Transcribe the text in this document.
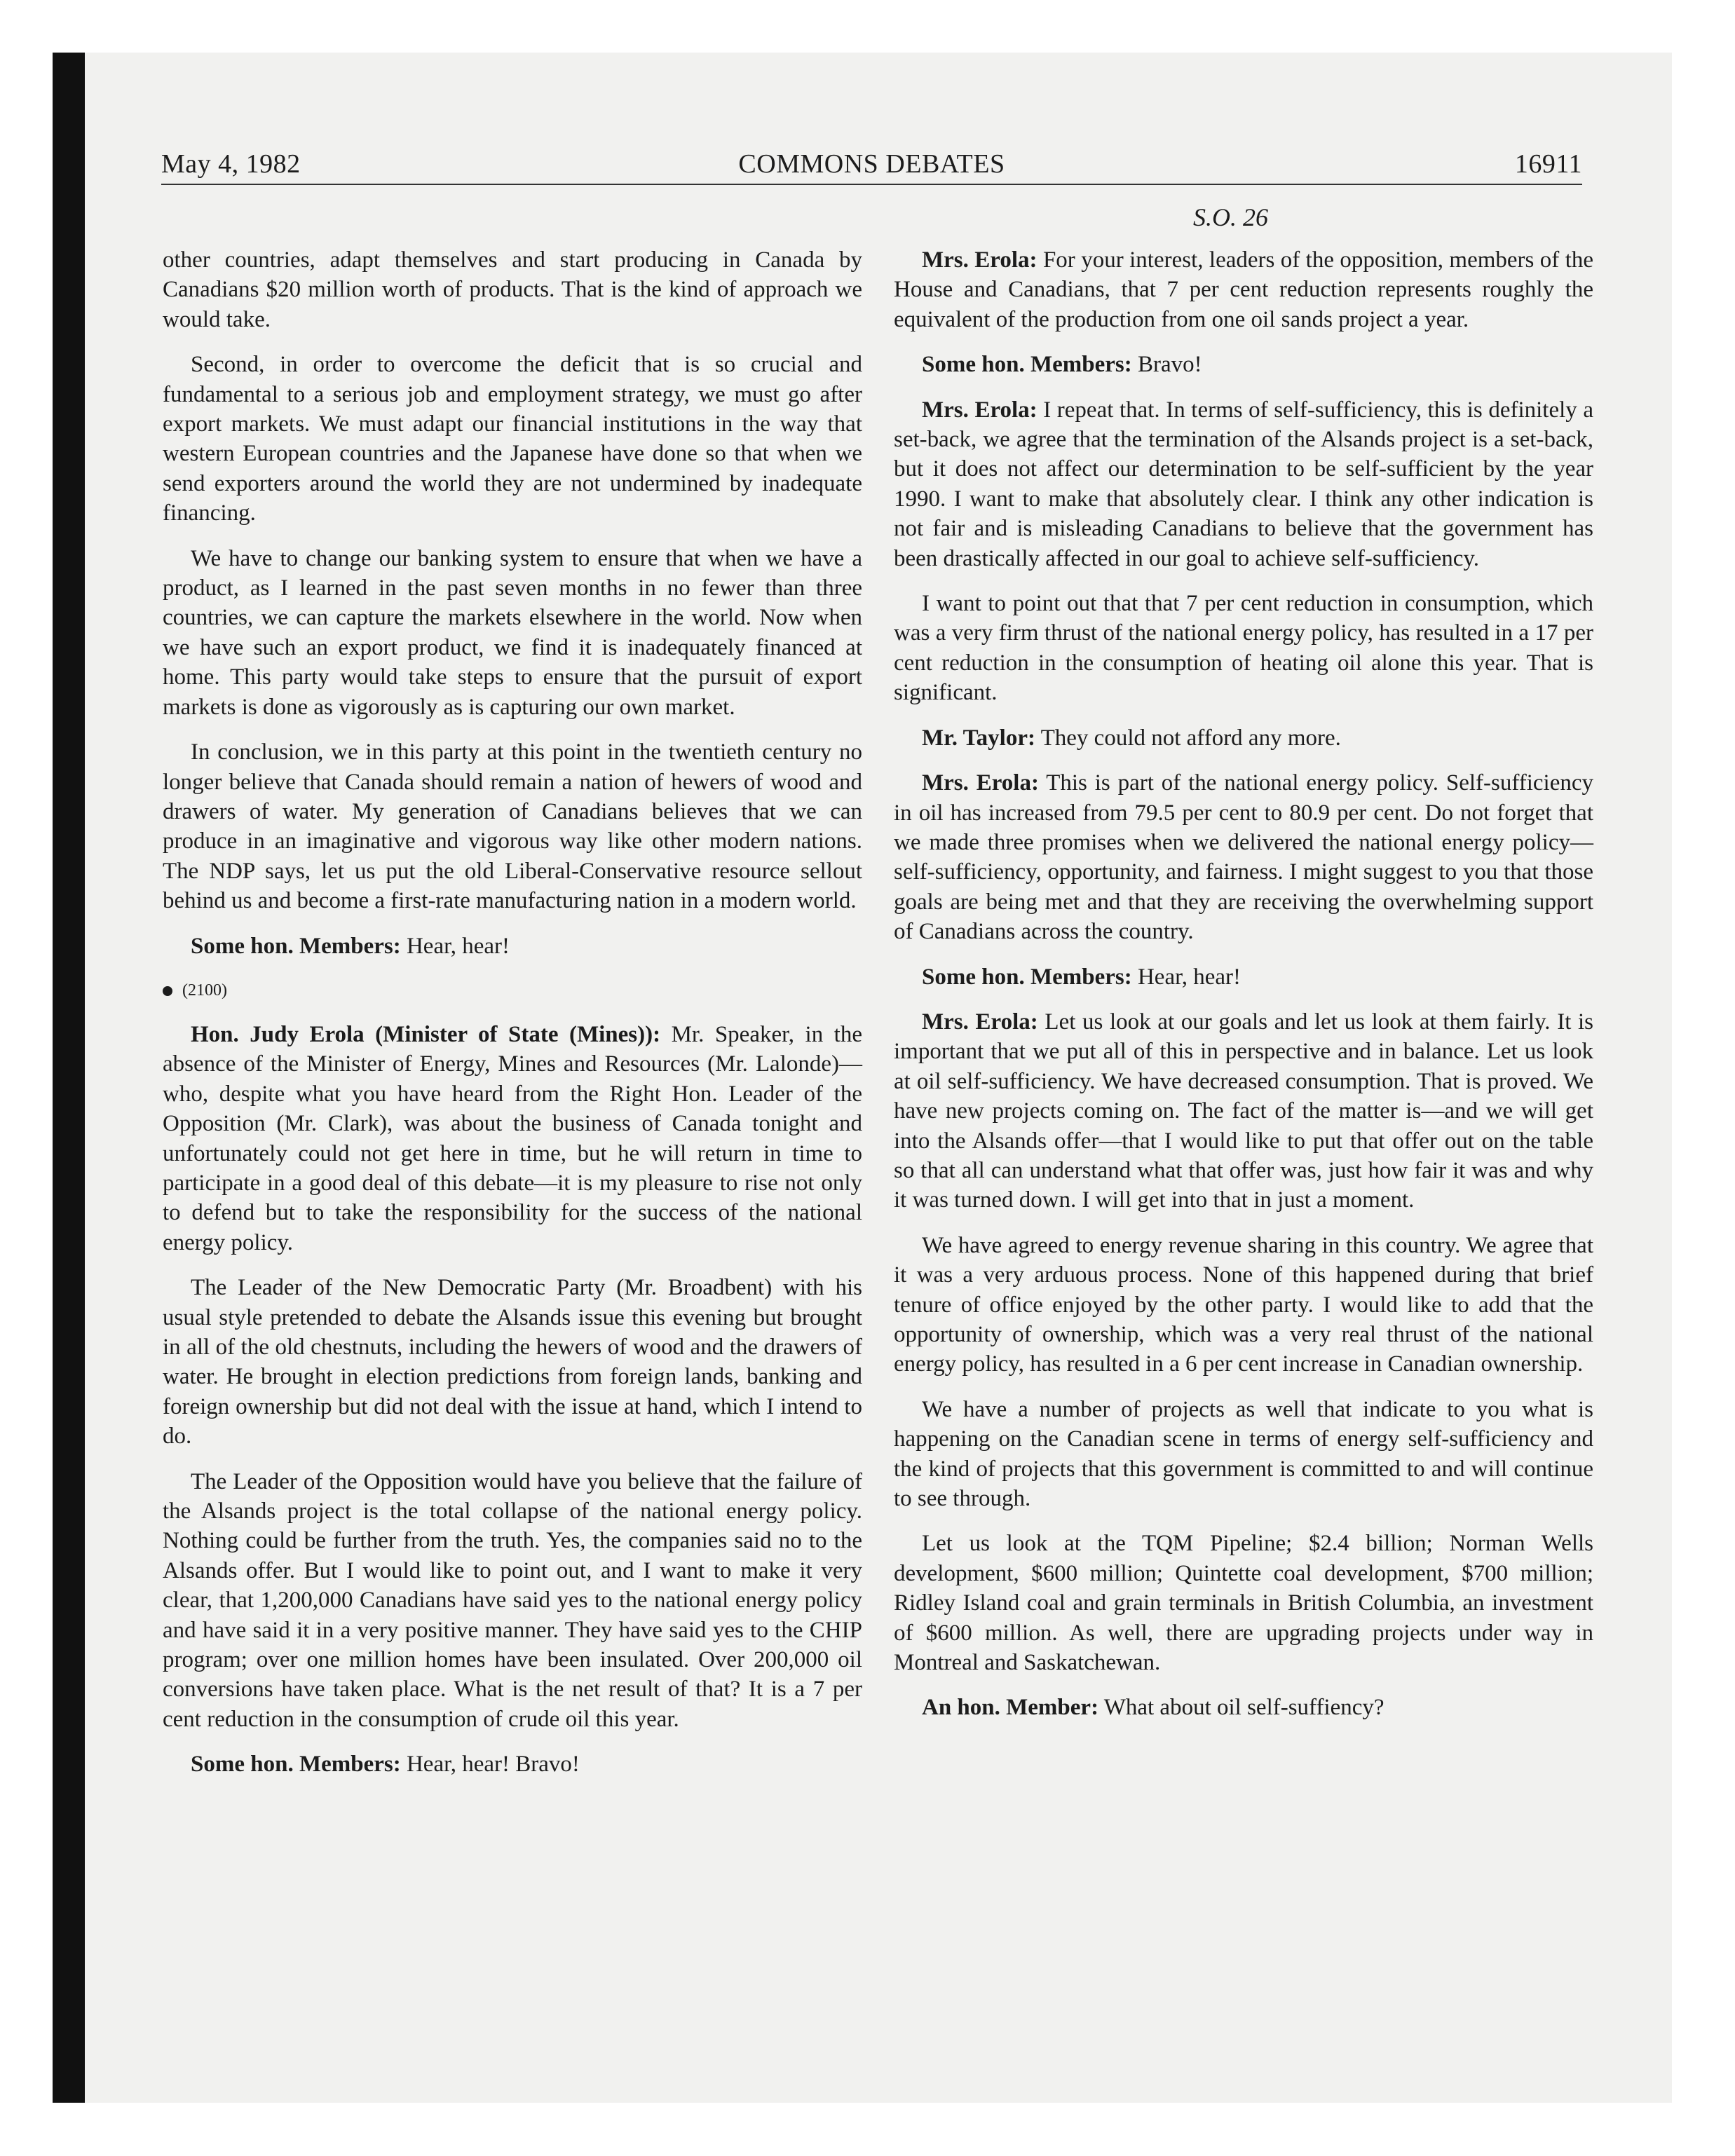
May 4, 1982	COMMONS DEBATES	16911
S.O. 26

other countries, adapt themselves and start producing in Canada by Canadians $20 million worth of products. That is the kind of approach we would take.

Second, in order to overcome the deficit that is so crucial and fundamental to a serious job and employment strategy, we must go after export markets. We must adapt our financial institutions in the way that western European countries and the Japanese have done so that when we send exporters around the world they are not undermined by inadequate financing.

We have to change our banking system to ensure that when we have a product, as I learned in the past seven months in no fewer than three countries, we can capture the markets elsewhere in the world. Now when we have such an export product, we find it is inadequately financed at home. This party would take steps to ensure that the pursuit of export markets is done as vigorously as is capturing our own market.

In conclusion, we in this party at this point in the twentieth century no longer believe that Canada should remain a nation of hewers of wood and drawers of water. My generation of Canadians believes that we can produce in an imaginative and vigorous way like other modern nations. The NDP says, let us put the old Liberal-Conservative resource sellout behind us and become a first-rate manufacturing nation in a modern world.

Some hon. Members: Hear, hear!

(2100)

Hon. Judy Erola (Minister of State (Mines)): Mr. Speaker, in the absence of the Minister of Energy, Mines and Resources (Mr. Lalonde)—who, despite what you have heard from the Right Hon. Leader of the Opposition (Mr. Clark), was about the business of Canada tonight and unfortunately could not get here in time, but he will return in time to participate in a good deal of this debate—it is my pleasure to rise not only to defend but to take the responsibility for the success of the national energy policy.

The Leader of the New Democratic Party (Mr. Broadbent) with his usual style pretended to debate the Alsands issue this evening but brought in all of the old chestnuts, including the hewers of wood and the drawers of water. He brought in election predictions from foreign lands, banking and foreign ownership but did not deal with the issue at hand, which I intend to do.

The Leader of the Opposition would have you believe that the failure of the Alsands project is the total collapse of the national energy policy. Nothing could be further from the truth. Yes, the companies said no to the Alsands offer. But I would like to point out, and I want to make it very clear, that 1,200,000 Canadians have said yes to the national energy policy and have said it in a very positive manner. They have said yes to the CHIP program; over one million homes have been insulated. Over 200,000 oil conversions have taken place. What is the net result of that? It is a 7 per cent reduction in the consumption of crude oil this year.

Some hon. Members: Hear, hear! Bravo!

Mrs. Erola: For your interest, leaders of the opposition, members of the House and Canadians, that 7 per cent reduction represents roughly the equivalent of the production from one oil sands project a year.

Some hon. Members: Bravo!

Mrs. Erola: I repeat that. In terms of self-sufficiency, this is definitely a set-back, we agree that the termination of the Alsands project is a set-back, but it does not affect our determination to be self-sufficient by the year 1990. I want to make that absolutely clear. I think any other indication is not fair and is misleading Canadians to believe that the government has been drastically affected in our goal to achieve self-sufficiency.

I want to point out that that 7 per cent reduction in consumption, which was a very firm thrust of the national energy policy, has resulted in a 17 per cent reduction in the consumption of heating oil alone this year. That is significant.

Mr. Taylor: They could not afford any more.

Mrs. Erola: This is part of the national energy policy. Self-sufficiency in oil has increased from 79.5 per cent to 80.9 per cent. Do not forget that we made three promises when we delivered the national energy policy—self-sufficiency, opportunity, and fairness. I might suggest to you that those goals are being met and that they are receiving the overwhelming support of Canadians across the country.

Some hon. Members: Hear, hear!

Mrs. Erola: Let us look at our goals and let us look at them fairly. It is important that we put all of this in perspective and in balance. Let us look at oil self-sufficiency. We have decreased consumption. That is proved. We have new projects coming on. The fact of the matter is—and we will get into the Alsands offer—that I would like to put that offer out on the table so that all can understand what that offer was, just how fair it was and why it was turned down. I will get into that in just a moment.

We have agreed to energy revenue sharing in this country. We agree that it was a very arduous process. None of this happened during that brief tenure of office enjoyed by the other party. I would like to add that the opportunity of ownership, which was a very real thrust of the national energy policy, has resulted in a 6 per cent increase in Canadian ownership.

We have a number of projects as well that indicate to you what is happening on the Canadian scene in terms of energy self-sufficiency and the kind of projects that this government is committed to and will continue to see through.

Let us look at the TQM Pipeline; $2.4 billion; Norman Wells development, $600 million; Quintette coal development, $700 million; Ridley Island coal and grain terminals in British Columbia, an investment of $600 million. As well, there are upgrading projects under way in Montreal and Saskatchewan.

An hon. Member: What about oil self-suffiency?
